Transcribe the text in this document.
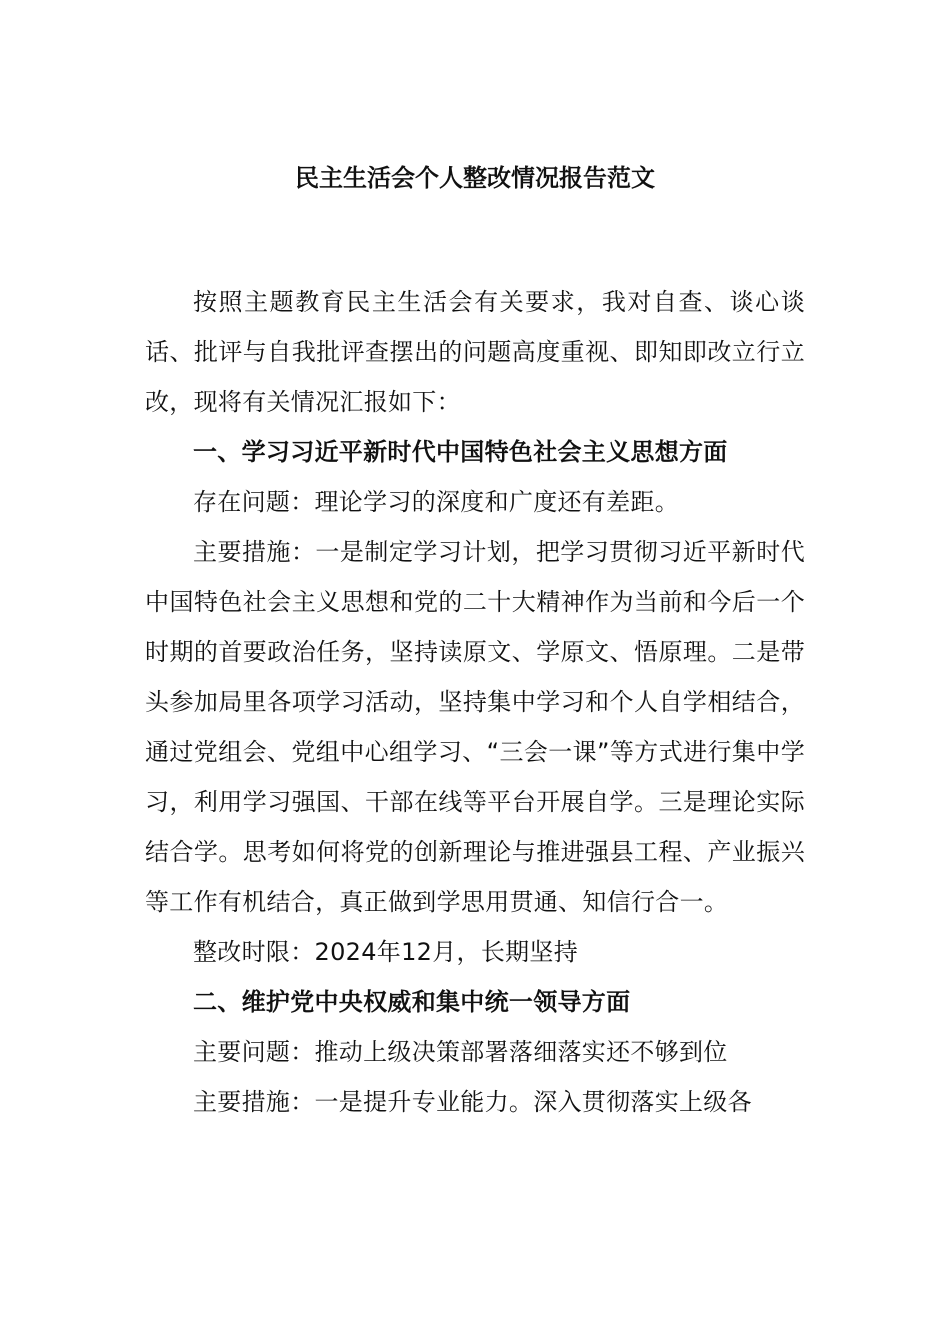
民主生活会个人整改情况报告范文

按照主题教育民主生活会有关要求，我对自查、谈心谈话、批评与自我批评查摆出的问题高度重视、即知即改立行立改，现将有关情况汇报如下：

一、学习习近平新时代中国特色社会主义思想方面

存在问题：理论学习的深度和广度还有差距。

主要措施：一是制定学习计划，把学习贯彻习近平新时代中国特色社会主义思想和党的二十大精神作为当前和今后一个时期的首要政治任务，坚持读原文、学原文、悟原理。二是带头参加局里各项学习活动，坚持集中学习和个人自学相结合，通过党组会、党组中心组学习、“三会一课”等方式进行集中学习，利用学习强国、干部在线等平台开展自学。三是理论实际结合学。思考如何将党的创新理论与推进强县工程、产业振兴等工作有机结合，真正做到学思用贯通、知信行合一。

整改时限：2024年12月，长期坚持

二、维护党中央权威和集中统一领导方面

主要问题：推动上级决策部署落细落实还不够到位

主要措施：一是提升专业能力。深入贯彻落实上级各
